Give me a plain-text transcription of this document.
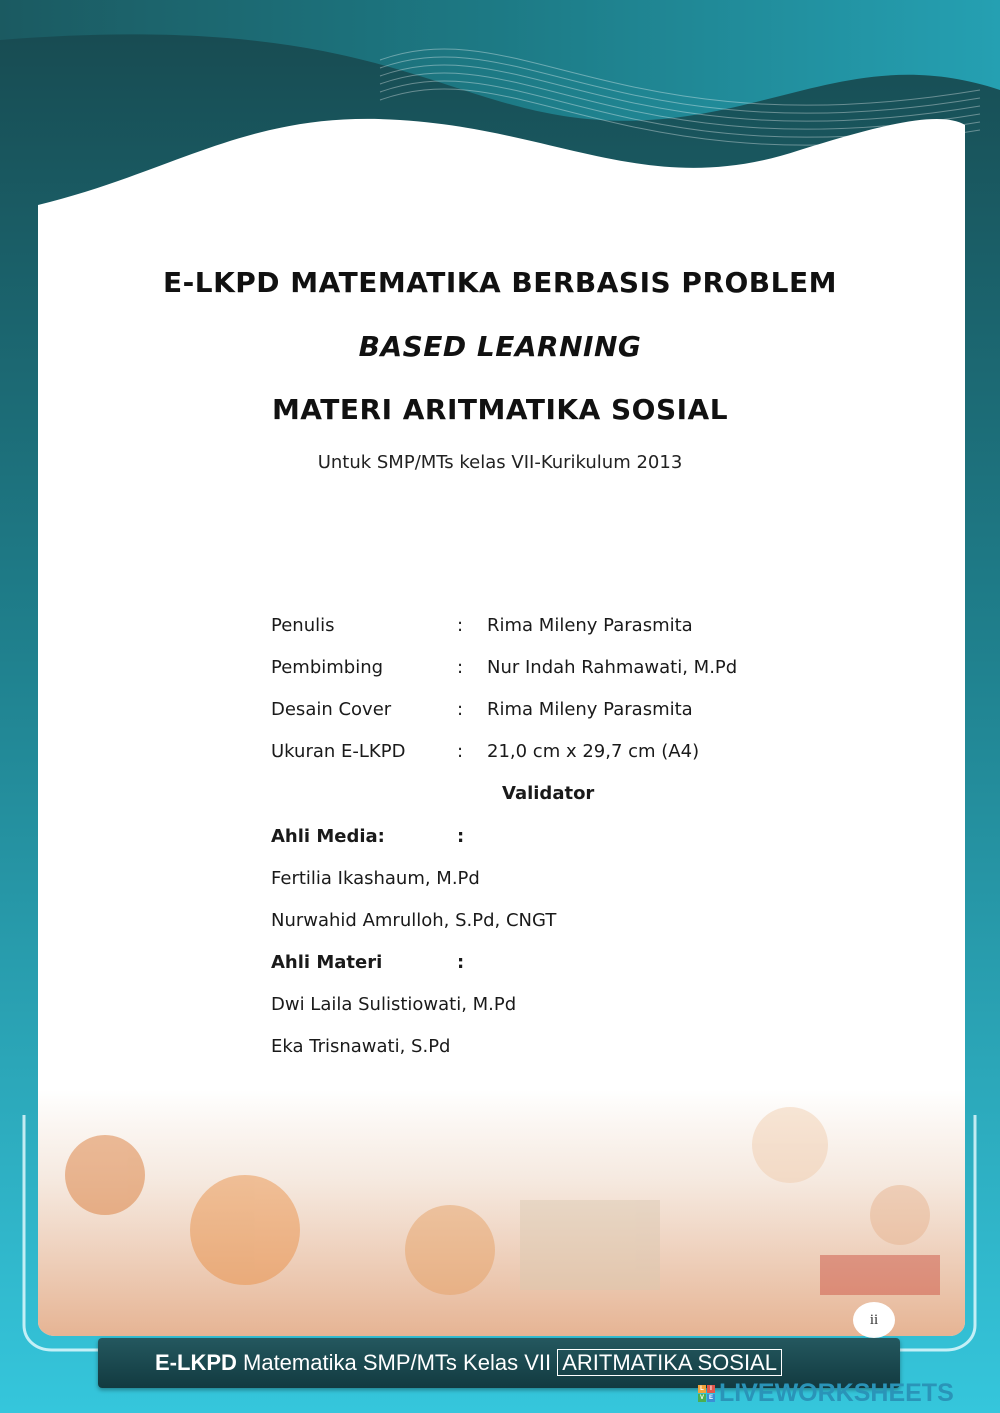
E-LKPD MATEMATIKA BERBASIS PROBLEM
BASED LEARNING
MATERI ARITMATIKA SOSIAL
Untuk SMP/MTs kelas VII-Kurikulum 2013
Penulis	:	Rima Mileny Parasmita
Pembimbing	:	Nur Indah Rahmawati, M.Pd
Desain Cover	:	Rima Mileny Parasmita
Ukuran E-LKPD	:	21,0 cm x 29,7 cm (A4)
Validator
Ahli Media:	:
Fertilia Ikashaum, M.Pd
Nurwahid Amrulloh, S.Pd, CNGT
Ahli Materi	:
Dwi Laila Sulistiowati, M.Pd
Eka Trisnawati, S.Pd
ii
E-LKPD Matematika SMP/MTs Kelas VII ARITMATIKA SOSIAL
L	I
V E LIVEWORKSHEETS
